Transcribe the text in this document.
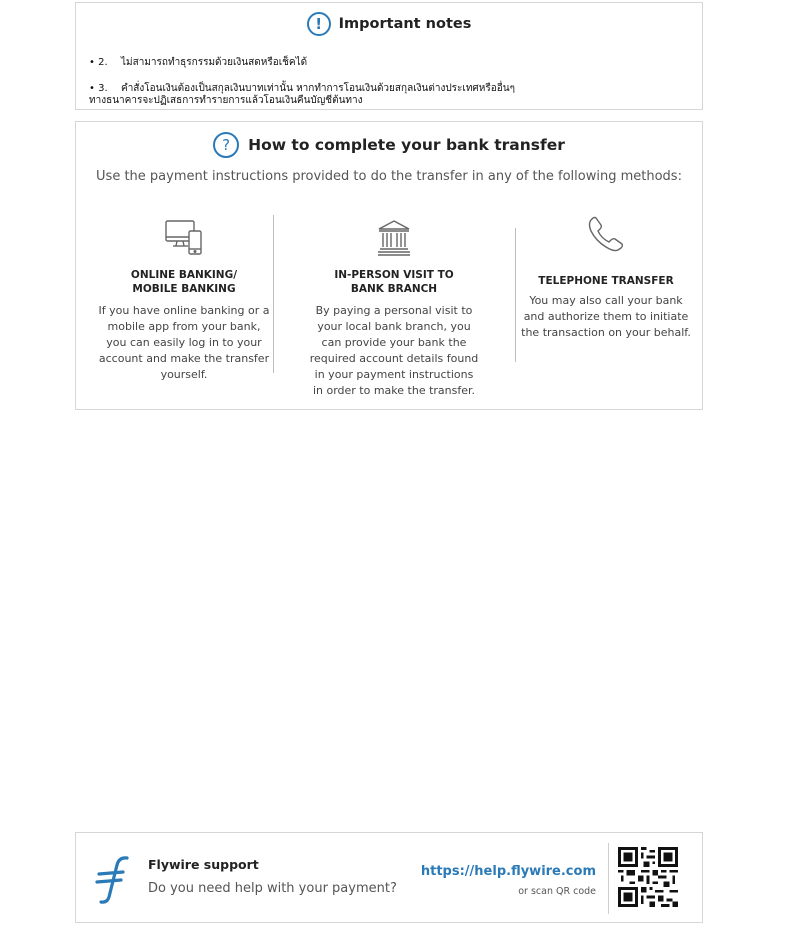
!	Important notes
• 2. ไม่สามารถทำธุรกรรมด้วยเงินสดหรือเช็คได้
• 3. คำสั่งโอนเงินต้องเป็นสกุลเงินบาทเท่านั้น หากทำการโอนเงินด้วยสกุลเงินต่างประเทศหรืออื่นๆ
ทางธนาคารจะปฏิเสธการทำรายการแล้วโอนเงินคืนบัญชีต้นทาง
?	How to complete your bank transfer
Use the payment instructions provided to do the transfer in any of the following methods:
ONLINE BANKING/ MOBILE BANKING
If you have online banking or a mobile app from your bank, you can easily log in to your account and make the transfer yourself.
IN-PERSON VISIT TO BANK BRANCH
By paying a personal visit to your local bank branch, you can provide your bank the required account details found in your payment instructions in order to make the transfer.
TELEPHONE TRANSFER
You may also call your bank and authorize them to initiate the transaction on your behalf.
Flywire support
Do you need help with your payment?
https://help.flywire.com
or scan QR code
